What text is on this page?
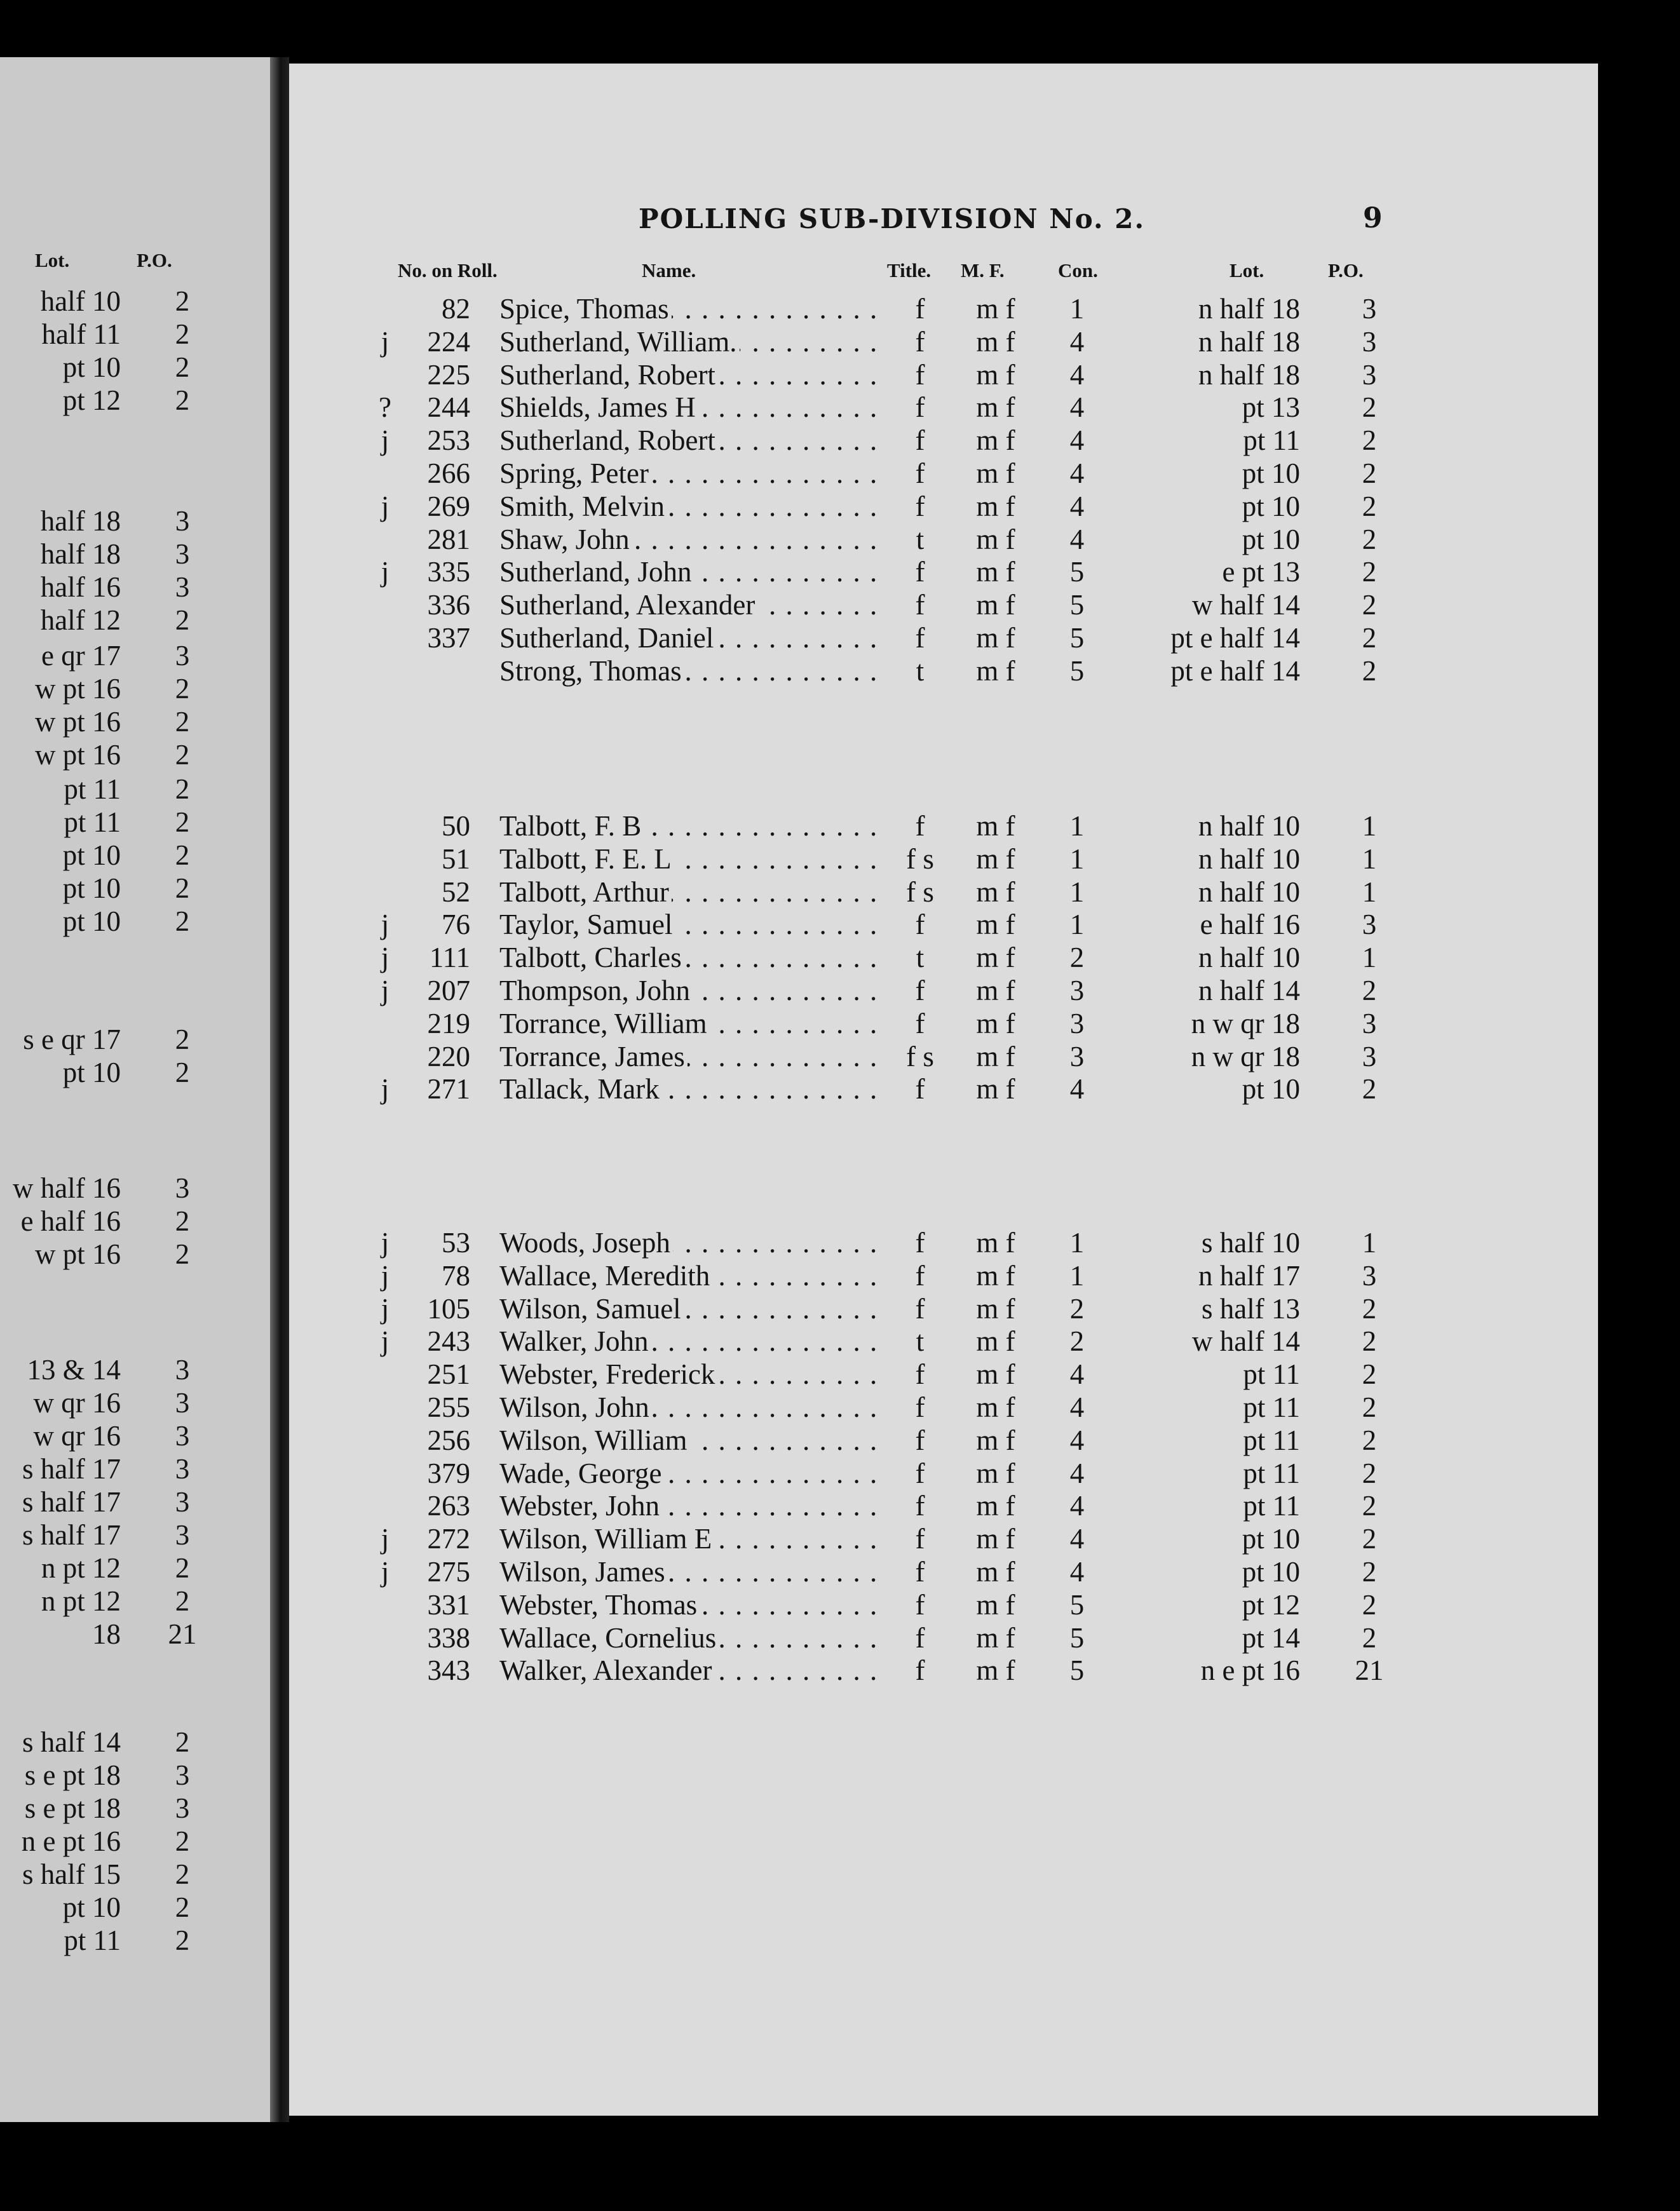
POLLING SUB-DIVISION No. 2.	9
No. on Roll.	Name.	Title. M. F.	Con.	Lot.	P.O.
Lot.	P.O.
half 10	2
half 11	2
pt 10	2
pt 12	2
half 18	3
half 18	3
half 16	3
half 12	2
e qr 17	3
w pt 16	2
w pt 16	2
w pt 16	2
pt 11	2
pt 11	2
pt 10	2
pt 10	2
pt 10	2
s e qr 17	2
pt 10	2
w half 16	3
e half 16	2
w pt 16	2
13 & 14	3
w qr 16	3
w qr 16	3
s half 17	3
s half 17	3
s half 17	3
n pt 12	2
n pt 12	2
18 21
s half 14	2
s e pt 18	3
s e pt 18	3
n e pt 16	2
s half 15	2
pt 10	2
pt 11	2
82 Spice, Thomas . . .	f	m f	1	n half 18	3
j	224 Sutherland, William. . . .	f	m f	4	n half 18	3
225 Sutherland, Robert . . .	f	m f	4	n half 18	3
?	244 Shields, James H . . .	f	m f	4	pt 13	2
j	253 Sutherland, Robert . . .	f	m f	4	pt 11	2
266 Spring, Peter . . .	f	m f	4	pt 10	2
j	269 Smith, Melvin . . .	f	m f	4	pt 10	2
281 Shaw, John . . .	t	m f	4	pt 10	2
j	335 Sutherland, John . . .	f	m f	5	e pt 13	2
336 Sutherland, Alexander . . .	f	m f	5	w half 14	2
337 Sutherland, Daniel . . .	f	m f	5	pt e half 14	2
Strong, Thomas . . .	t	m f	5	pt e half 14	2
50 Talbott, F. B . . .	f	m f	1	n half 10	1
51 Talbott, F. E. L . . .	f s	m f	1	n half 10	1
52 Talbott, Arthur . . .	f s	m f	1	n half 10	1
j	76 Taylor, Samuel . . .	f	m f	1	e half 16	3
j	111 Talbott, Charles . . .	t	m f	2	n half 10	1
j	207 Thompson, John . . .	f	m f	3	n half 14	2
219 Torrance, William . . .	f	m f	3	n w qr 18	3
220 Torrance, James . . .	f s	m f	3	n w qr 18	3
j	271 Tallack, Mark . . .	f	m f	4	pt 10	2
j	53 Woods, Joseph . . .	f	m f	1	s half 10	1
j	78 Wallace, Meredith . . .	f	m f	1	n half 17	3
j	105 Wilson, Samuel . . .	f	m f	2	s half 13	2
j	243 Walker, John . . .	t	m f	2	w half 14	2
251 Webster, Frederick . . .	f	m f	4	pt 11	2
255 Wilson, John . . .	f	m f	4	pt 11	2
256 Wilson, William . . .	f	m f	4	pt 11	2
379 Wade, George . . .	f	m f	4	pt 11	2
263 Webster, John . . .	f	m f	4	pt 11	2
j	272 Wilson, William E . . .	f	m f	4	pt 10	2
j	275 Wilson, James . . .	f	m f	4	pt 10	2
331 Webster, Thomas . . .	f	m f	5	pt 12	2
338 Wallace, Cornelius . . .	f	m f	5	pt 14	2
343 Walker, Alexander . . .	f	m f	5	n e pt 16 21
